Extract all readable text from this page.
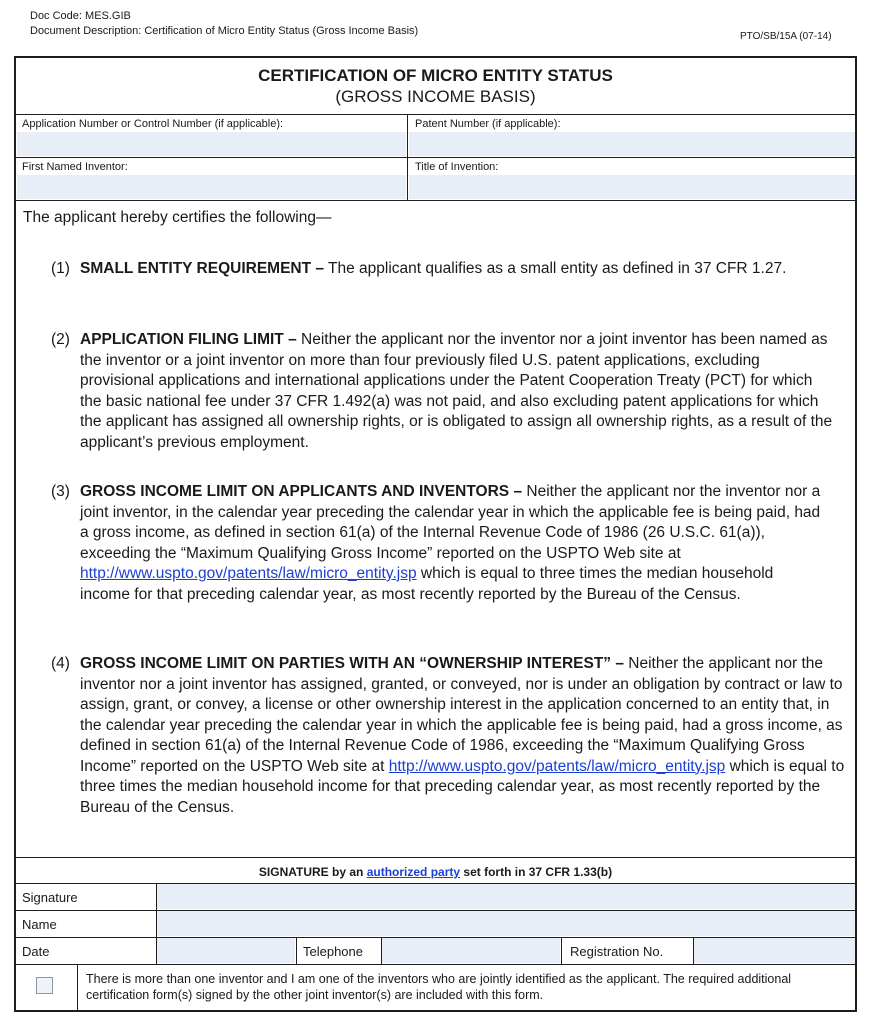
Doc Code: MES.GIB
Document Description: Certification of Micro Entity Status (Gross Income Basis)	PTO/SB/15A (07-14)
CERTIFICATION OF MICRO ENTITY STATUS
(GROSS INCOME BASIS)
Application Number or Control Number (if applicable):	Patent Number (if applicable):
First Named Inventor:	Title of Invention:
The applicant hereby certifies the following—
(1) SMALL ENTITY REQUIREMENT – The applicant qualifies as a small entity as defined in 37 CFR 1.27.
(2) APPLICATION FILING LIMIT – Neither the applicant nor the inventor nor a joint inventor has been named as the inventor or a joint inventor on more than four previously filed U.S. patent applications, excluding provisional applications and international applications under the Patent Cooperation Treaty (PCT) for which the basic national fee under 37 CFR 1.492(a) was not paid, and also excluding patent applications for which the applicant has assigned all ownership rights, or is obligated to assign all ownership rights, as a result of the applicant’s previous employment.
(3) GROSS INCOME LIMIT ON APPLICANTS AND INVENTORS – Neither the applicant nor the inventor nor a joint inventor, in the calendar year preceding the calendar year in which the applicable fee is being paid, had a gross income, as defined in section 61(a) of the Internal Revenue Code of 1986 (26 U.S.C. 61(a)), exceeding the “Maximum Qualifying Gross Income” reported on the USPTO Web site at http://www.uspto.gov/patents/law/micro_entity.jsp which is equal to three times the median household income for that preceding calendar year, as most recently reported by the Bureau of the Census.
(4) GROSS INCOME LIMIT ON PARTIES WITH AN “OWNERSHIP INTEREST” – Neither the applicant nor the inventor nor a joint inventor has assigned, granted, or conveyed, nor is under an obligation by contract or law to assign, grant, or convey, a license or other ownership interest in the application concerned to an entity that, in the calendar year preceding the calendar year in which the applicable fee is being paid, had a gross income, as defined in section 61(a) of the Internal Revenue Code of 1986, exceeding the “Maximum Qualifying Gross Income” reported on the USPTO Web site at http://www.uspto.gov/patents/law/micro_entity.jsp which is equal to three times the median household income for that preceding calendar year, as most recently reported by the Bureau of the Census.
SIGNATURE by an authorized party set forth in 37 CFR 1.33(b)
Signature
Name
Date	Telephone	Registration No.
There is more than one inventor and I am one of the inventors who are jointly identified as the applicant. The required additional certification form(s) signed by the other joint inventor(s) are included with this form.
